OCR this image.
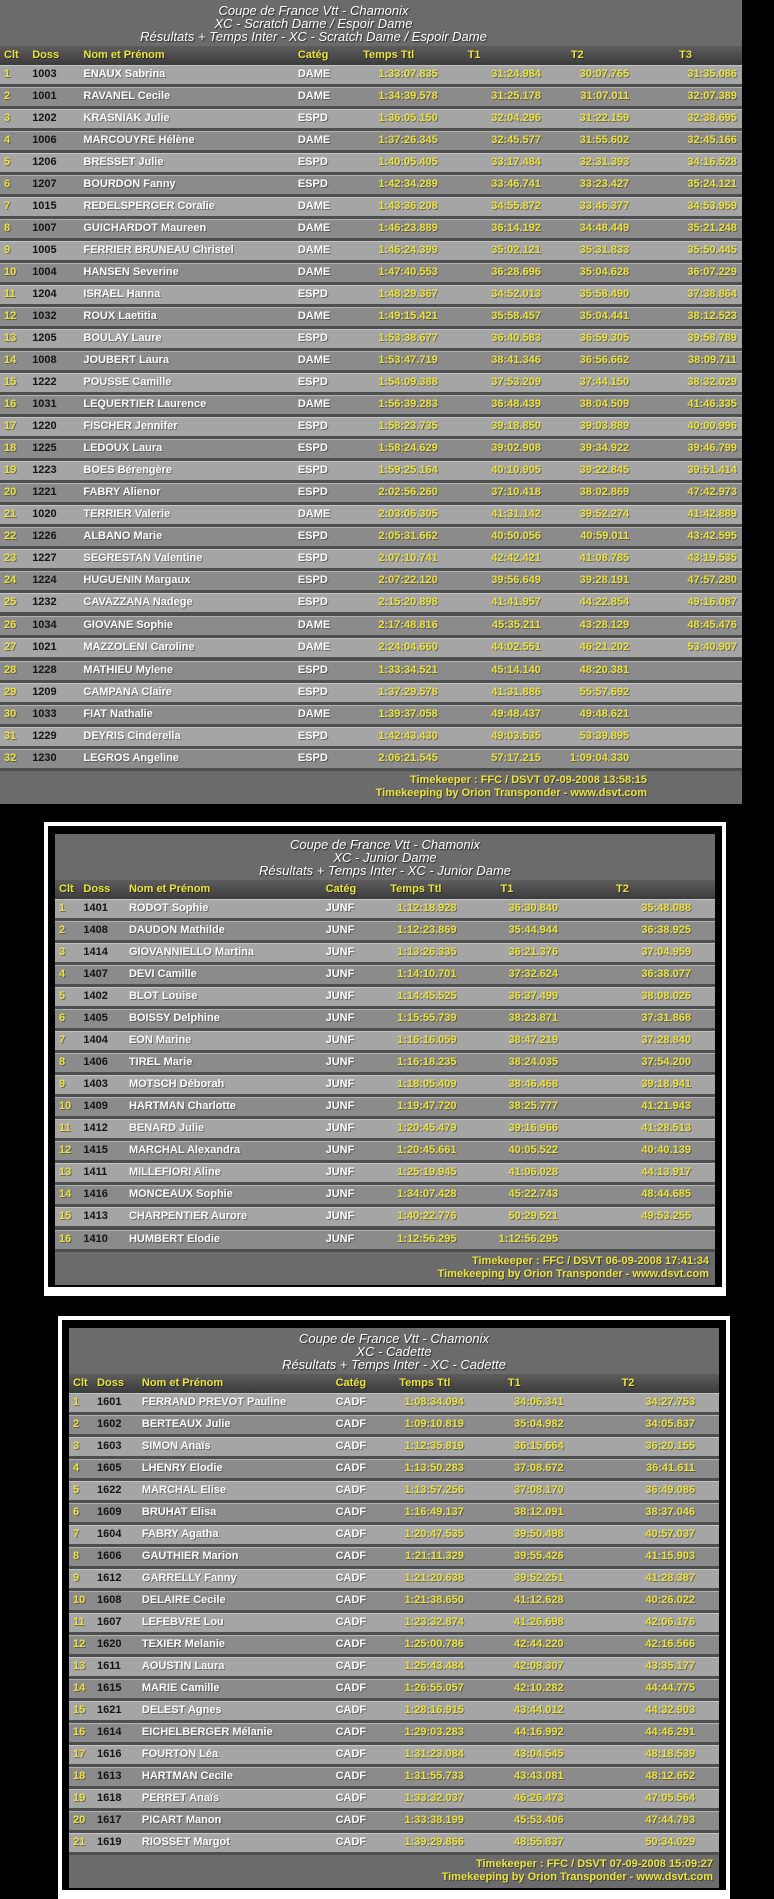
Coupe de France Vtt - Chamonix
XC - Scratch Dame / Espoir Dame
Résultats + Temps Inter - XC - Scratch Dame / Espoir Dame
Clt	Doss	Nom et Prénom	Catég	Temps Ttl	T1	T2	T3
1	1003	ENAUX Sabrina	DAME	1:33:07.835	31:24.984	30:07.765	31:35.086
2	1001	RAVANEL Cecile	DAME	1:34:39.578	31:25.178	31:07.011	32:07.389
3	1202	KRASNIAK Julie	ESPD	1:36:05.150	32:04.296	31:22.159	32:38.695
4	1006	MARCOUYRE Hélène	DAME	1:37:26.345	32:45.577	31:55.602	32:45.166
5	1206	BRESSET Julie	ESPD	1:40:05.405	33:17.484	32:31.393	34:16.528
6	1207	BOURDON Fanny	ESPD	1:42:34.289	33:46.741	33:23.427	35:24.121
7	1015	REDELSPERGER Coralie	DAME	1:43:36.208	34:55.872	33:46.377	34:53.959
8	1007	GUICHARDOT Maureen	DAME	1:46:23.889	36:14.192	34:48.449	35:21.248
9	1005	FERRIER BRUNEAU Christel	DAME	1:46:24.399	35:02.121	35:31.833	35:50.445
10	1004	HANSEN Severine	DAME	1:47:40.553	36:28.696	35:04.628	36:07.229
11	1204	ISRAEL Hanna	ESPD	1:48:29.367	34:52.013	35:58.490	37:38.864
12	1032	ROUX Laetitia	DAME	1:49:15.421	35:58.457	35:04.441	38:12.523
13	1205	BOULAY Laure	ESPD	1:53:38.677	36:40.583	36:59.305	39:58.789
14	1008	JOUBERT Laura	DAME	1:53:47.719	38:41.346	36:56.662	38:09.711
15	1222	POUSSE Camille	ESPD	1:54:09.388	37:53.209	37:44.150	38:32.029
16	1031	LEQUERTIER Laurence	DAME	1:56:39.283	36:48.439	38:04.509	41:46.335
17	1220	FISCHER Jennifer	ESPD	1:58:23.735	39:18.850	39:03.889	40:00.996
18	1225	LEDOUX Laura	ESPD	1:58:24.629	39:02.908	39:34.922	39:46.799
19	1223	BOES Bérengère	ESPD	1:59:25.164	40:10.905	39:22.845	39:51.414
20	1221	FABRY Alienor	ESPD	2:02:56.260	37:10.418	38:02.869	47:42.973
21	1020	TERRIER Valerie	DAME	2:03:06.305	41:31.142	39:52.274	41:42.889
22	1226	ALBANO Marie	ESPD	2:05:31.662	40:50.056	40:59.011	43:42.595
23	1227	SEGRESTAN Valentine	ESPD	2:07:10.741	42:42.421	41:08.785	43:19.535
24	1224	HUGUENIN Margaux	ESPD	2:07:22.120	39:56.649	39:28.191	47:57.280
25	1232	CAVAZZANA Nadege	ESPD	2:15:20.898	41:41.957	44:22.854	49:16.087
26	1034	GIOVANE Sophie	DAME	2:17:48.816	45:35.211	43:28.129	48:45.476
27	1021	MAZZOLENI Caroline	DAME	2:24:04.660	44:02.551	46:21.202	53:40.907
28	1228	MATHIEU Mylene	ESPD	1:33:34.521	45:14.140	48:20.381
29	1209	CAMPANA Claire	ESPD	1:37:29.578	41:31.886	55:57.692
30	1033	FIAT Nathalie	DAME	1:39:37.058	49:48.437	49:48.621
31	1229	DEYRIS Cinderella	ESPD	1:42:43.430	49:03.535	53:39.895
32	1230	LEGROS Angeline	ESPD	2:06:21.545	57:17.215	1:09:04.330
Timekeeper : FFC / DSVT 07-09-2008 13:58:15
Timekeeping by Orion Transponder - www.dsvt.com
Coupe de France Vtt - Chamonix
XC - Junior Dame
Résultats + Temps Inter - XC - Junior Dame
Clt Doss	Nom et Prénom	Catég	Temps Ttl	T1	T2
1	1401	RODOT Sophie	JUNF	1:12:18.928	36:30.840	35:48.088
2	1408	DAUDON Mathilde	JUNF	1:12:23.869	35:44.944	36:38.925
3	1414	GIOVANNIELLO Martina	JUNF	1:13:26.335	36:21.376	37:04.959
4	1407	DEVI Camille	JUNF	1:14:10.701	37:32.624	36:38.077
5	1402	BLOT Louise	JUNF	1:14:45.525	36:37.499	38:08.026
6	1405	BOISSY Delphine	JUNF	1:15:55.739	38:23.871	37:31.868
7	1404	EON Marine	JUNF	1:16:16.059	38:47.219	37:28.840
8	1406	TIREL Marie	JUNF	1:16:18.235	38:24.035	37:54.200
9	1403	MOTSCH Déborah	JUNF	1:18:05.409	38:46.468	39:18.941
10	1409	HARTMAN Charlotte	JUNF	1:19:47.720	38:25.777	41:21.943
11	1412	BENARD Julie	JUNF	1:20:45.479	39:16.966	41:28.513
12	1415	MARCHAL Alexandra	JUNF	1:20:45.661	40:05.522	40:40.139
13	1411	MILLEFIORI Aline	JUNF	1:25:19.945	41:06.028	44:13.917
14	1416	MONCEAUX Sophie	JUNF	1:34:07.428	45:22.743	48:44.685
15	1413	CHARPENTIER Aurore	JUNF	1:40:22.776	50:29.521	49:53.255
16	1410	HUMBERT Elodie	JUNF	1:12:56.295	1:12:56.295
Timekeeper : FFC / DSVT 06-09-2008 17:41:34
Timekeeping by Orion Transponder - www.dsvt.com
Coupe de France Vtt - Chamonix
XC - Cadette
Résultats + Temps Inter - XC - Cadette
Clt Doss	Nom et Prénom	Catég	Temps Ttl	T1	T2
1	1601	FERRAND PREVOT Pauline	CADF	1:08:34.094	34:06.341	34:27.753
2	1602	BERTEAUX Julie	CADF	1:09:10.819	35:04.982	34:05.837
3	1603	SIMON Anaïs	CADF	1:12:35.819	36:15.664	36:20.155
4	1605	LHENRY Elodie	CADF	1:13:50.283	37:08.672	36:41.611
5	1622	MARCHAL Elise	CADF	1:13:57.256	37:08.170	36:49.086
6	1609	BRUHAT Elisa	CADF	1:16:49.137	38:12.091	38:37.046
7	1604	FABRY Agatha	CADF	1:20:47.535	39:50.498	40:57.037
8	1606	GAUTHIER Marion	CADF	1:21:11.329	39:55.426	41:15.903
9	1612	GARRELLY Fanny	CADF	1:21:20.638	39:52.251	41:28.387
10	1608	DELAIRE Cecile	CADF	1:21:38.650	41:12.628	40:26.022
11	1607	LEFEBVRE Lou	CADF	1:23:32.874	41:26.698	42:06.176
12	1620	TEXIER Melanie	CADF	1:25:00.786	42:44.220	42:16.566
13	1611	AOUSTIN Laura	CADF	1:25:43.484	42:08.307	43:35.177
14	1615	MARIE Camille	CADF	1:26:55.057	42:10.282	44:44.775
15	1621	DELEST Agnes	CADF	1:28:16.915	43:44.012	44:32.903
16	1614	EICHELBERGER Mélanie	CADF	1:29:03.283	44:16.992	44:46.291
17	1616	FOURTON Léa	CADF	1:31:23.084	43:04.545	48:18.539
18	1613	HARTMAN Cecile	CADF	1:31:55.733	43:43.081	48:12.652
19	1618	PERRET Anaïs	CADF	1:33:32.037	46:26.473	47:05.564
20	1617	PICART Manon	CADF	1:33:38.199	45:53.406	47:44.793
21	1619	RIOSSET Margot	CADF	1:39:29.866	48:55.837	50:34.029
Timekeeper : FFC / DSVT 07-09-2008 15:09:27
Timekeeping by Orion Transponder - www.dsvt.com
